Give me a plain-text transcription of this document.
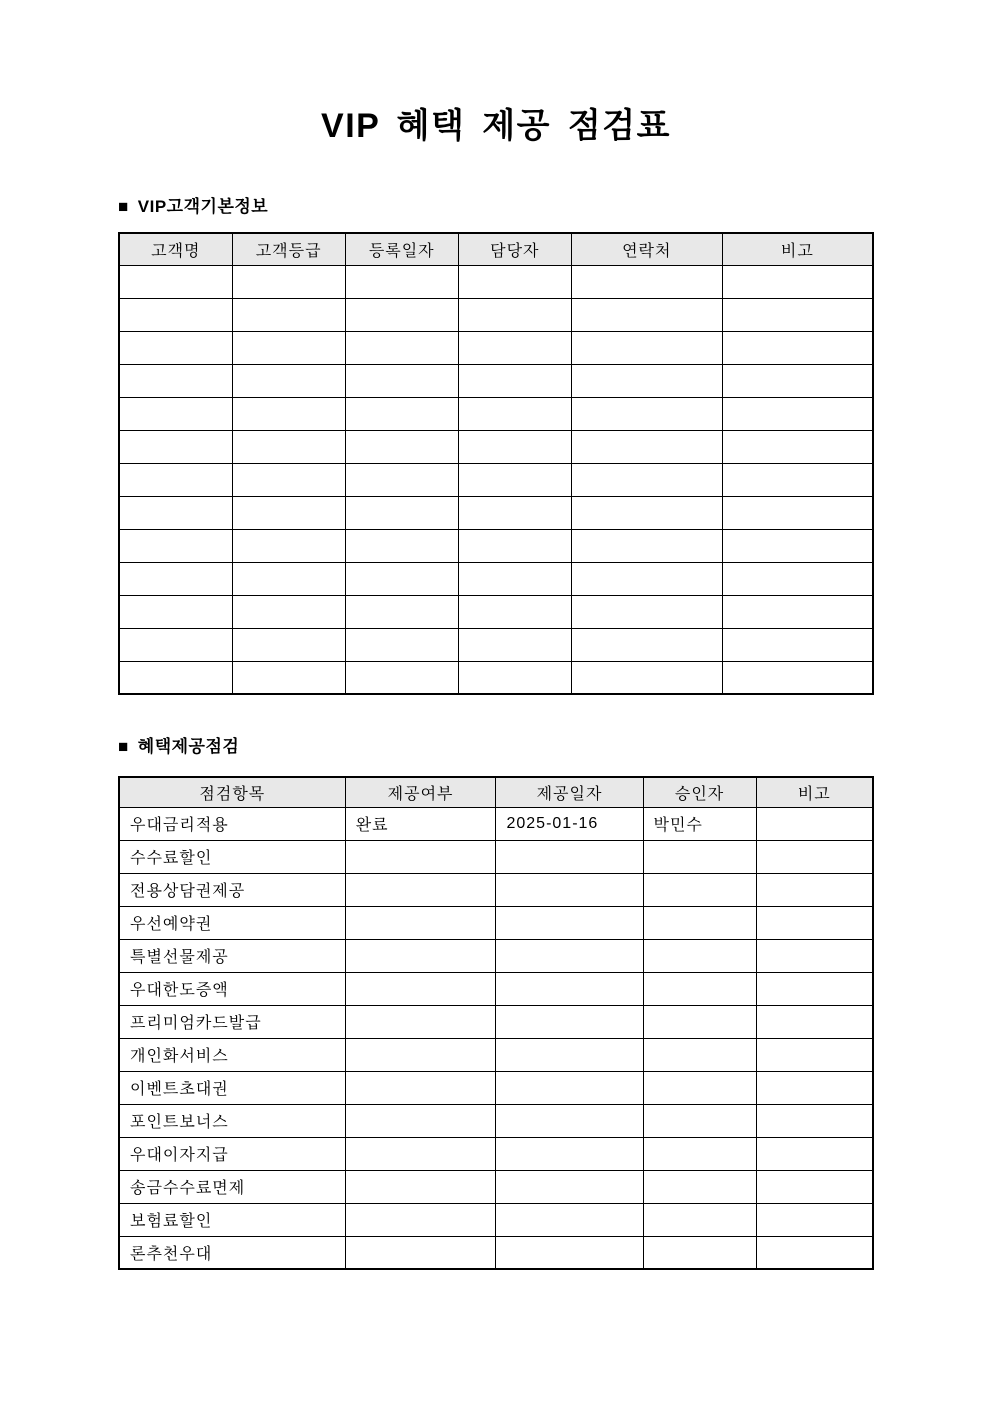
VIP 혜택 제공 점검표
■ VIP고객기본정보
고객명	고객등급	등록일자	담당자	연락처	비고

■ 혜택제공점검
점검항목	제공여부	제공일자	승인자	비고
우대금리적용	완료	2025-01-16	박민수	
수수료할인				
전용상담권제공				
우선예약권				
특별선물제공				
우대한도증액				
프리미엄카드발급				
개인화서비스				
이벤트초대권				
포인트보너스				
우대이자지급				
송금수수료면제				
보험료할인				
론추천우대				
